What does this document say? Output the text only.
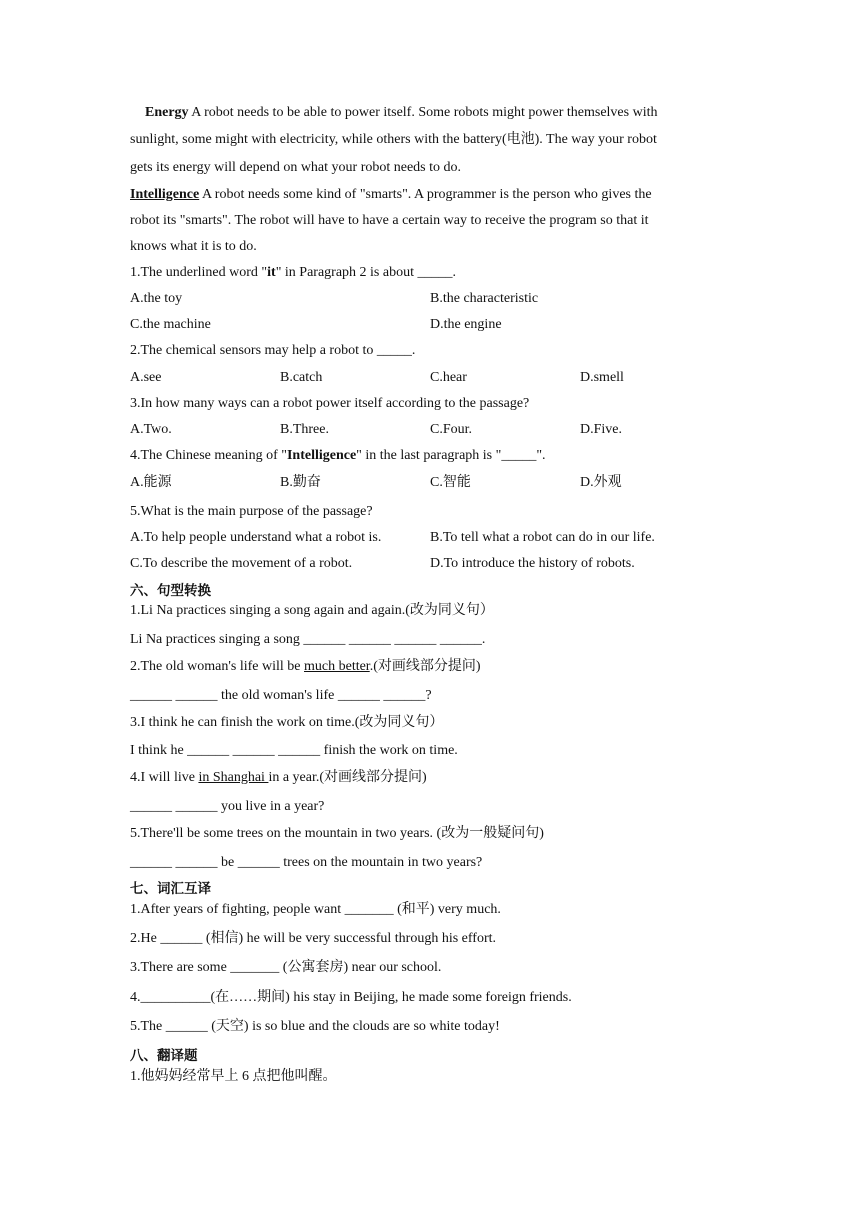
Energy A robot needs to be able to power itself. Some robots might power themselves with
sunlight, some might with electricity, while others with the battery(电池). The way your robot
gets its energy will depend on what your robot needs to do.
Intelligence A robot needs some kind of "smarts". A programmer is the person who gives the
robot its "smarts". The robot will have to have a certain way to receive the program so that it
knows what it is to do.
1.The underlined word "it" in Paragraph 2 is about _____.
A.the toy	B.the characteristic
C.the machine	D.the engine
2.The chemical sensors may help a robot to _____.
A.see	B.catch	C.hear	D.smell
3.In how many ways can a robot power itself according to the passage?
A.Two.	B.Three.	C.Four.	D.Five.
4.The Chinese meaning of "Intelligence" in the last paragraph is "_____".
A.能源	B.勤奋	C.智能	D.外观
5.What is the main purpose of the passage?
A.To help people understand what a robot is.	B.To tell what a robot can do in our life.
C.To describe the movement of a robot.	D.To introduce the history of robots.
六、句型转换
1.Li Na practices singing a song again and again.(改为同义句）
Li Na practices singing a song ______ ______ ______ ______.
2.The old woman's life will be much better.(对画线部分提问)
______ ______ the old woman's life ______ ______?
3.I think he can finish the work on time.(改为同义句）
I think he ______ ______ ______ finish the work on time.
4.I will live in Shanghai in a year.(对画线部分提问)
______ ______ you live in a year?
5.There'll be some trees on the mountain in two years. (改为一般疑问句)
______ ______ be ______ trees on the mountain in two years?
七、词汇互译
1.After years of fighting, people want _______ (和平) very much.
2.He ______ (相信) he will be very successful through his effort.
3.There are some _______ (公寓套房) near our school.
4.__________(在……期间) his stay in Beijing, he made some foreign friends.
5.The ______ (天空) is so blue and the clouds are so white today!
八、翻译题
1.他妈妈经常早上 6 点把他叫醒。
